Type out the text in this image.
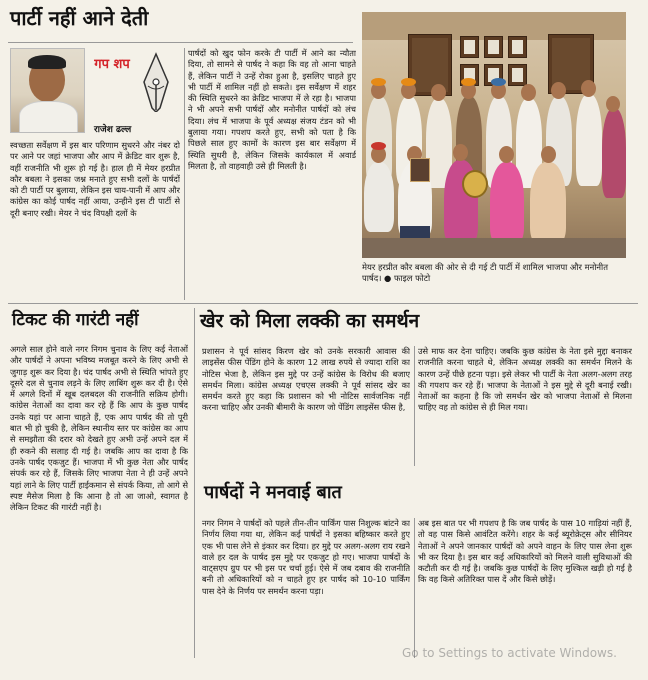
पार्टी नहीं आने देती
गप शप
राजेश ढल्ल

स्वच्छता सर्वेक्षण में इस बार परिणाम सुधरने और नंबर दो पर आने पर जहां भाजपा और आप में क्रेडिट वार शुरू है, वहीं राजनीति भी शुरू हो गई है। हाल ही में मेयर हरप्रीत कौर बबला ने इसका जश्न मनाते हुए सभी दलों के पार्षदों को टी पार्टी पर बुलाया, लेकिन इस चाय-पानी में आप और कांग्रेस का कोई पार्षद नहीं आया, उन्हीने इस टी पार्टी से दूरी बनाए रखी। मेयर ने चंद विपक्षी दलों के

पार्षदों को खुद फोन करके टी पार्टी में आने का न्यौता दिया, तो सामने से पार्षद ने कहा कि वह तो आना चाहते हैं, लेकिन पार्टी ने उन्हें रोका हुआ है, इसलिए चाहते हुए भी पार्टी में शामिल नहीं हो सकते। इस सर्वेक्षण में शहर की स्थिति सुधरने का क्रेडिट भाजपा में ले रहा है। भाजपा ने भी अपने सभी पार्षदों और मनोनीत पार्षदों को लंच दिया। लंच में भाजपा के पूर्व अध्यक्ष संजय टंडन को भी बुलाया गया। गपशप करते हुए, सभी को पता है कि पिछले साल हुए कामों के कारण इस बार सर्वेक्षण में स्थिति सुधरी है, लेकिन जिसके कार्यकाल में अवार्ड मिलता है, तो वाहवाही उसे ही मिलती है।

मेयर हरप्रीत कौर बबला की ओर से दी गई टी पार्टी में शामिल भाजपा और मनोनीत पार्षद। ● फाइल फोटो

टिकट की गारंटी नहीं

अगले साल होने वाले नगर निगम चुनाव के लिए कई नेताओं और पार्षदों ने अपना भविष्य मजबूत करने के लिए अभी से जुगाड़ शुरू कर दिया है। चंद पार्षद अभी से स्थिति भांपते हुए दूसरे दल से चुनाव लड़ने के लिए लाबिंग शुरू कर दी है। ऐसे में अगले दिनों में खूब दलबदल की राजनीति सक्रिय होगी। कांग्रेस नेताओं का दावा कर रहे हैं कि आप के कुछ पार्षद उनके यहां पर आना चाहते हैं, एक आप पार्षद की तो पूरी बात भी हो चुकी है, लेकिन स्थानीय स्तर पर कांग्रेस का आप से समझौता की दरार को देखते हुए अभी उन्हें अपने दल में ही रुकने की सलाह दी गई है। जबकि आप का दावा है कि उनके पार्षद एकजुट हैं। भाजपा में भी कुछ नेता और पार्षद संपर्क कर रहे हैं, जिसके लिए भाजपा नेता ने ही उन्हें अपने यहां लाने के लिए पार्टी हाईकमान से संपर्क किया, तो आगे से स्पष्ट मैसेज मिला है कि आना है तो आ जाओ, स्वागत है लेकिन टिकट की गारंटी नहीं है।

खेर को मिला लक्की का समर्थन

प्रशासन ने पूर्व सांसद किरण खेर को उनके सरकारी आवास की लाइसेंस फीस पेंडिंग होने के कारण 12 लाख रुपये से ज्यादा राशि का नोटिस भेजा है, लेकिन इस मुद्दे पर उन्हें कांग्रेस के विरोध की बजाए समर्थन मिला। कांग्रेस अध्यक्ष एचएस लक्की ने पूर्व सांसद खेर का समर्थन करते हुए कहा कि प्रशासन को भी नोटिस सार्वजनिक नहीं करना चाहिए और उनकी बीमारी के कारण जो पेंडिंग लाइसेंस फीस है,

उसे माफ कर देना चाहिए। जबकि कुछ कांग्रेस के नेता इसे मुद्दा बनाकर राजनीति करना चाहते थे, लेकिन अध्यक्ष लक्की का समर्थन मिलने के कारण उन्हें पीछे हटना पड़ा। इसे लेकर भी पार्टी के नेता अलग-अलग तरह की गपशप कर रहे हैं। भाजपा के नेताओं ने इस मुद्दे से दूरी बनाई रखी। नेताओं का कहना है कि जो समर्थन खेर को भाजपा नेताओं से मिलना चाहिए वह तो कांग्रेस से ही मिल गया।

पार्षदों ने मनवाई बात

नगर निगम ने पार्षदों को पहले तीन-तीन पार्किंग पास निशुल्क बांटने का निर्णय लिया गया था, लेकिन कई पार्षदों ने इसका बहिष्कार करते हुए एक भी पास लेने से इंकार कर दिया। हर मुद्दे पर अलग-अलग राय रखने वाले हर दल के पार्षद इस मुद्दे पर एकजुट हो गए। भाजपा पार्षदों के वाट्सएप ग्रुप पर भी इस पर चर्चा हुई। ऐसे में जब दबाव की राजनीति बनी तो अधिकारियों को न चाहते हुए हर पार्षद को 10-10 पार्किंग पास देने के निर्णय पर समर्थन करना पड़ा।

अब इस बात पर भी गपशप है कि जब पार्षद के पास 10 गाड़ियां नहीं हैं, तो वह पास किसे आवंटित करेंगे। शहर के कई ब्यूरोक्रेट्स और सीनियर नेताओं ने अपने जानकार पार्षदों को अपने वाहन के लिए पास लेना शुरू भी कर दिया है। इस बार कई अधिकारियों को मिलने वाली सुविधाओं की कटौती कर दी गई है। जबकि कुछ पार्षदों के लिए मुश्किल खड़ी हो गई है कि वह किसे अतिरिक्त पास दें और किसे छोड़ें।

Go to Settings to activate Windows.
